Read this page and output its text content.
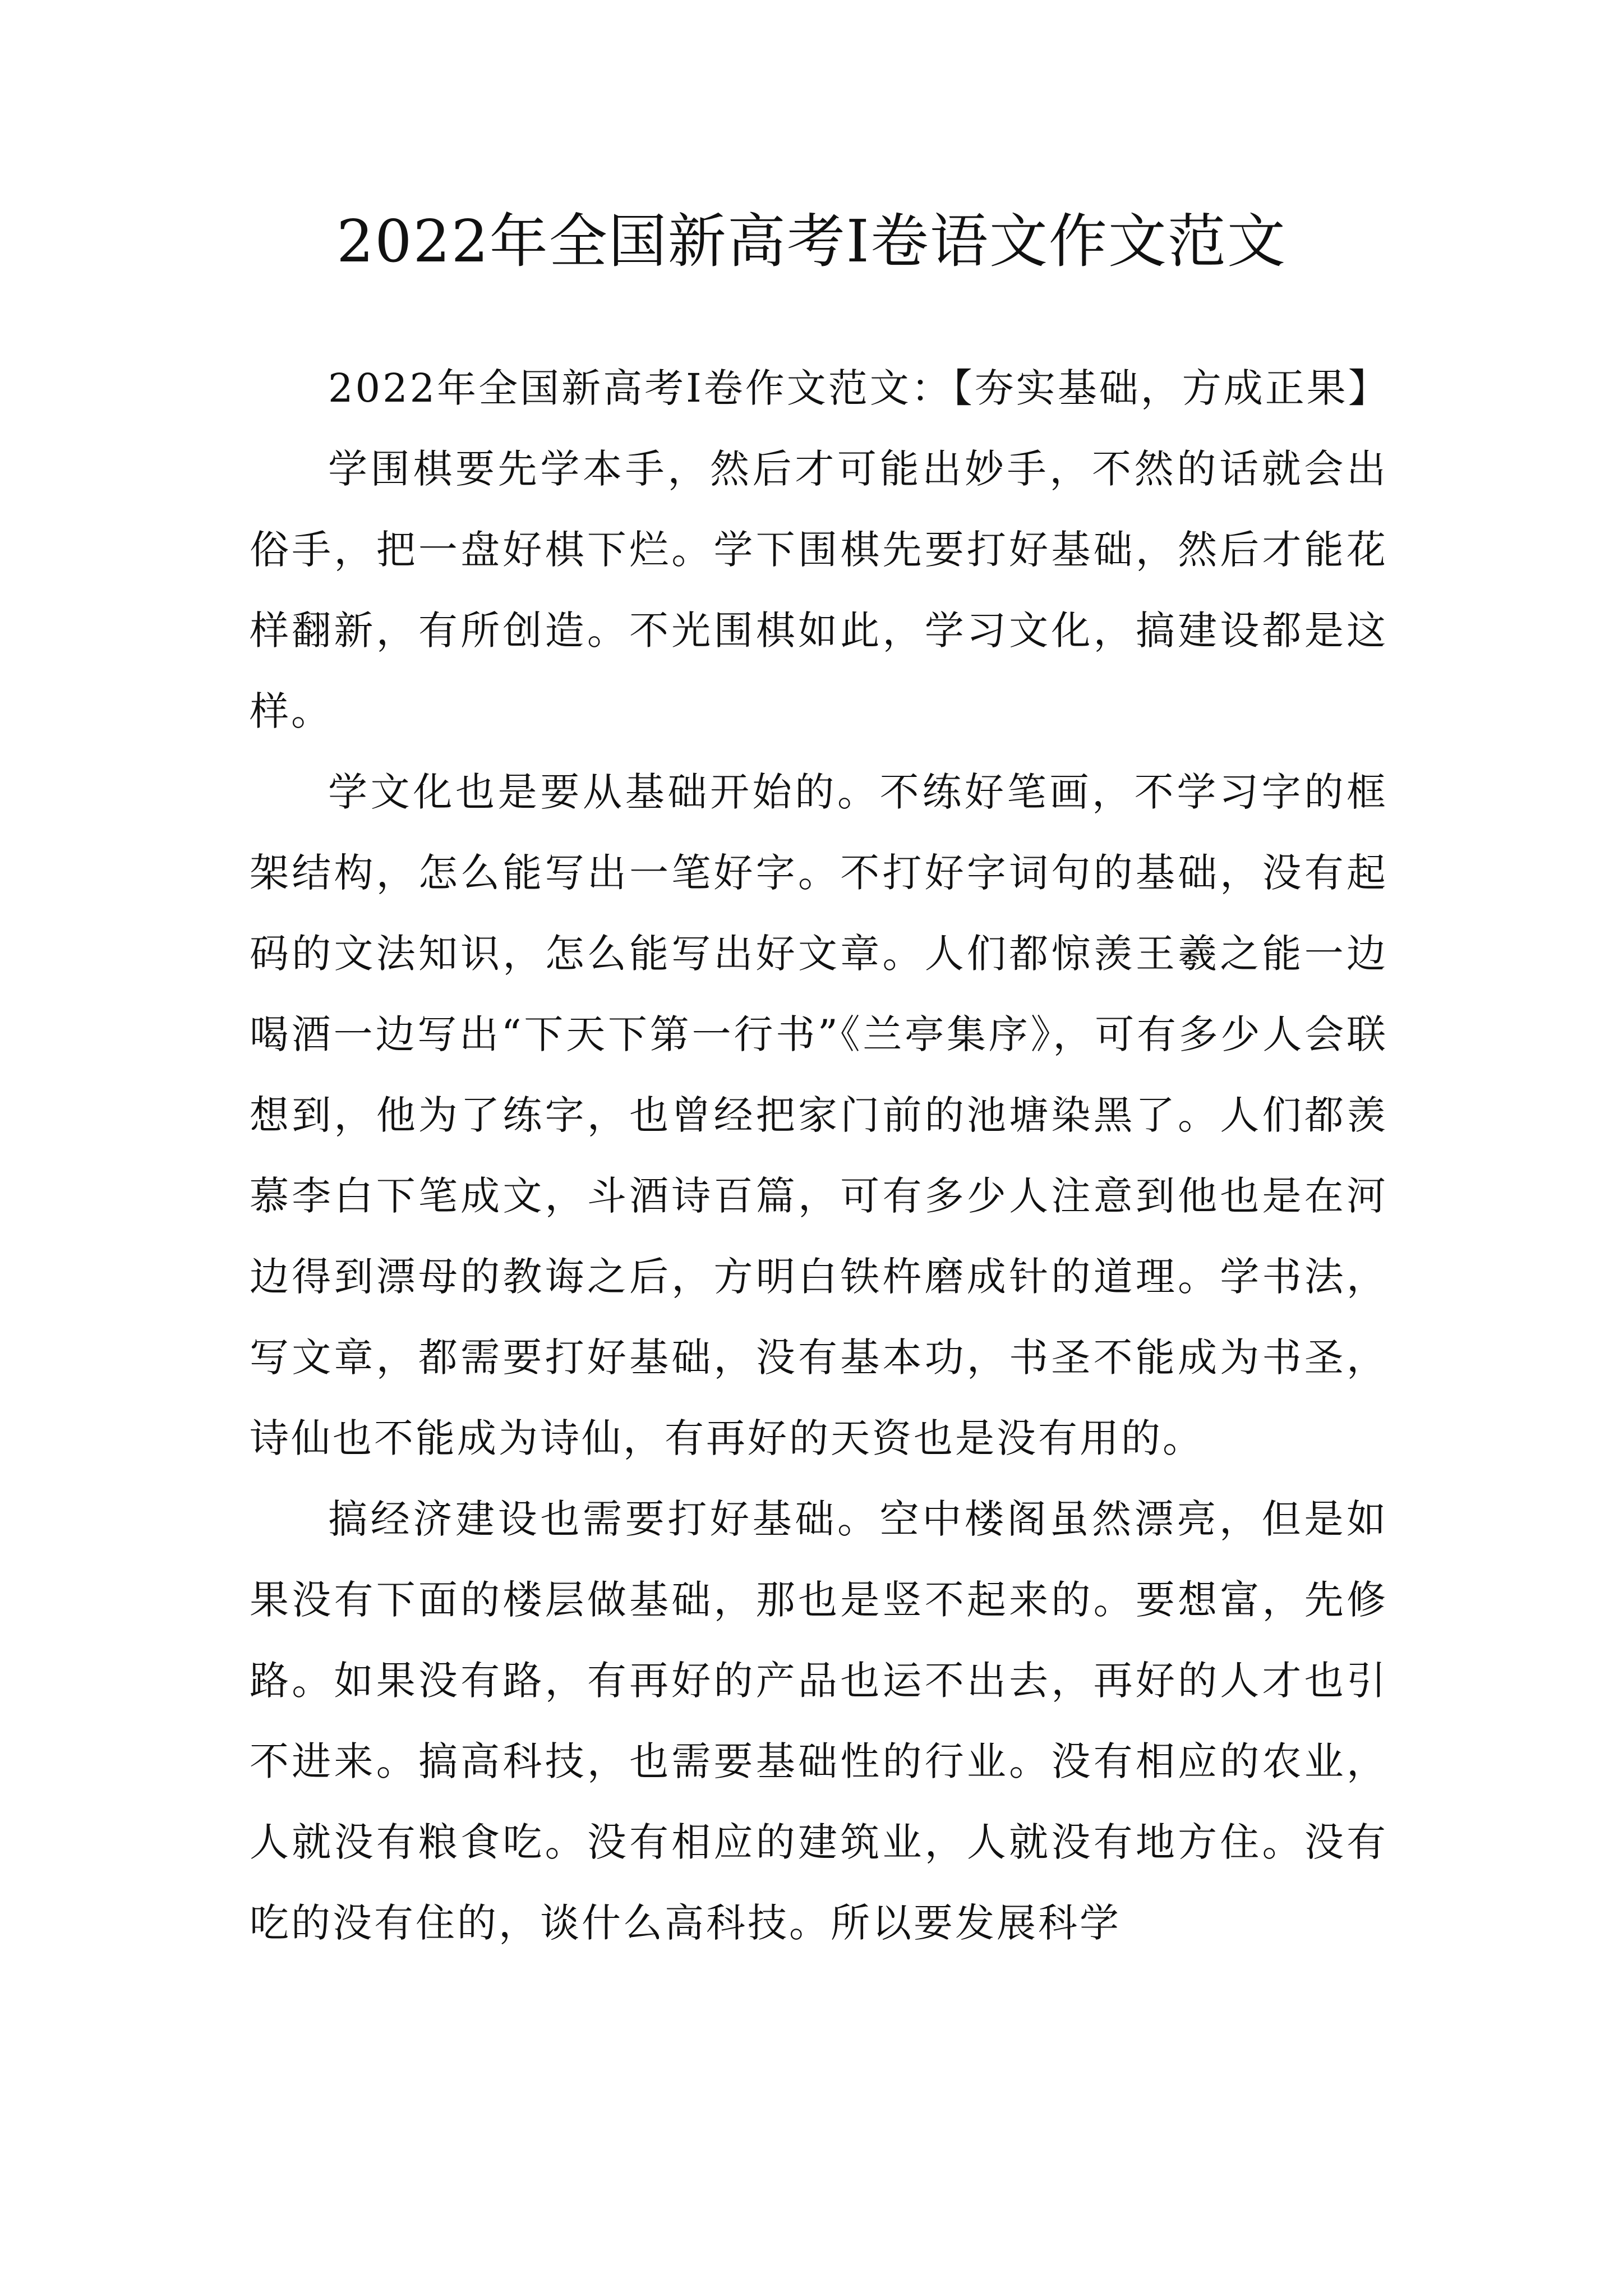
2022年全国新高考Ⅰ卷语文作文范文

2022年全国新高考Ⅰ卷作文范文：【夯实基础，方成正果】

学围棋要先学本手，然后才可能出妙手，不然的话就会出俗手，把一盘好棋下烂。学下围棋先要打好基础，然后才能花样翻新，有所创造。不光围棋如此，学习文化，搞建设都是这样。

学文化也是要从基础开始的。不练好笔画，不学习字的框架结构，怎么能写出一笔好字。不打好字词句的基础，没有起码的文法知识，怎么能写出好文章。人们都惊羡王羲之能一边喝酒一边写出“下天下第一行书”《兰亭集序》，可有多少人会联想到，他为了练字，也曾经把家门前的池塘染黑了。人们都羡慕李白下笔成文，斗酒诗百篇，可有多少人注意到他也是在河边得到漂母的教诲之后，方明白铁杵磨成针的道理。学书法，写文章，都需要打好基础，没有基本功，书圣不能成为书圣，诗仙也不能成为诗仙，有再好的天资也是没有用的。

搞经济建设也需要打好基础。空中楼阁虽然漂亮，但是如果没有下面的楼层做基础，那也是竖不起来的。要想富，先修路。如果没有路，有再好的产品也运不出去，再好的人才也引不进来。搞高科技，也需要基础性的行业。没有相应的农业，人就没有粮食吃。没有相应的建筑业，人就没有地方住。没有吃的没有住的，谈什么高科技。所以要发展科学
